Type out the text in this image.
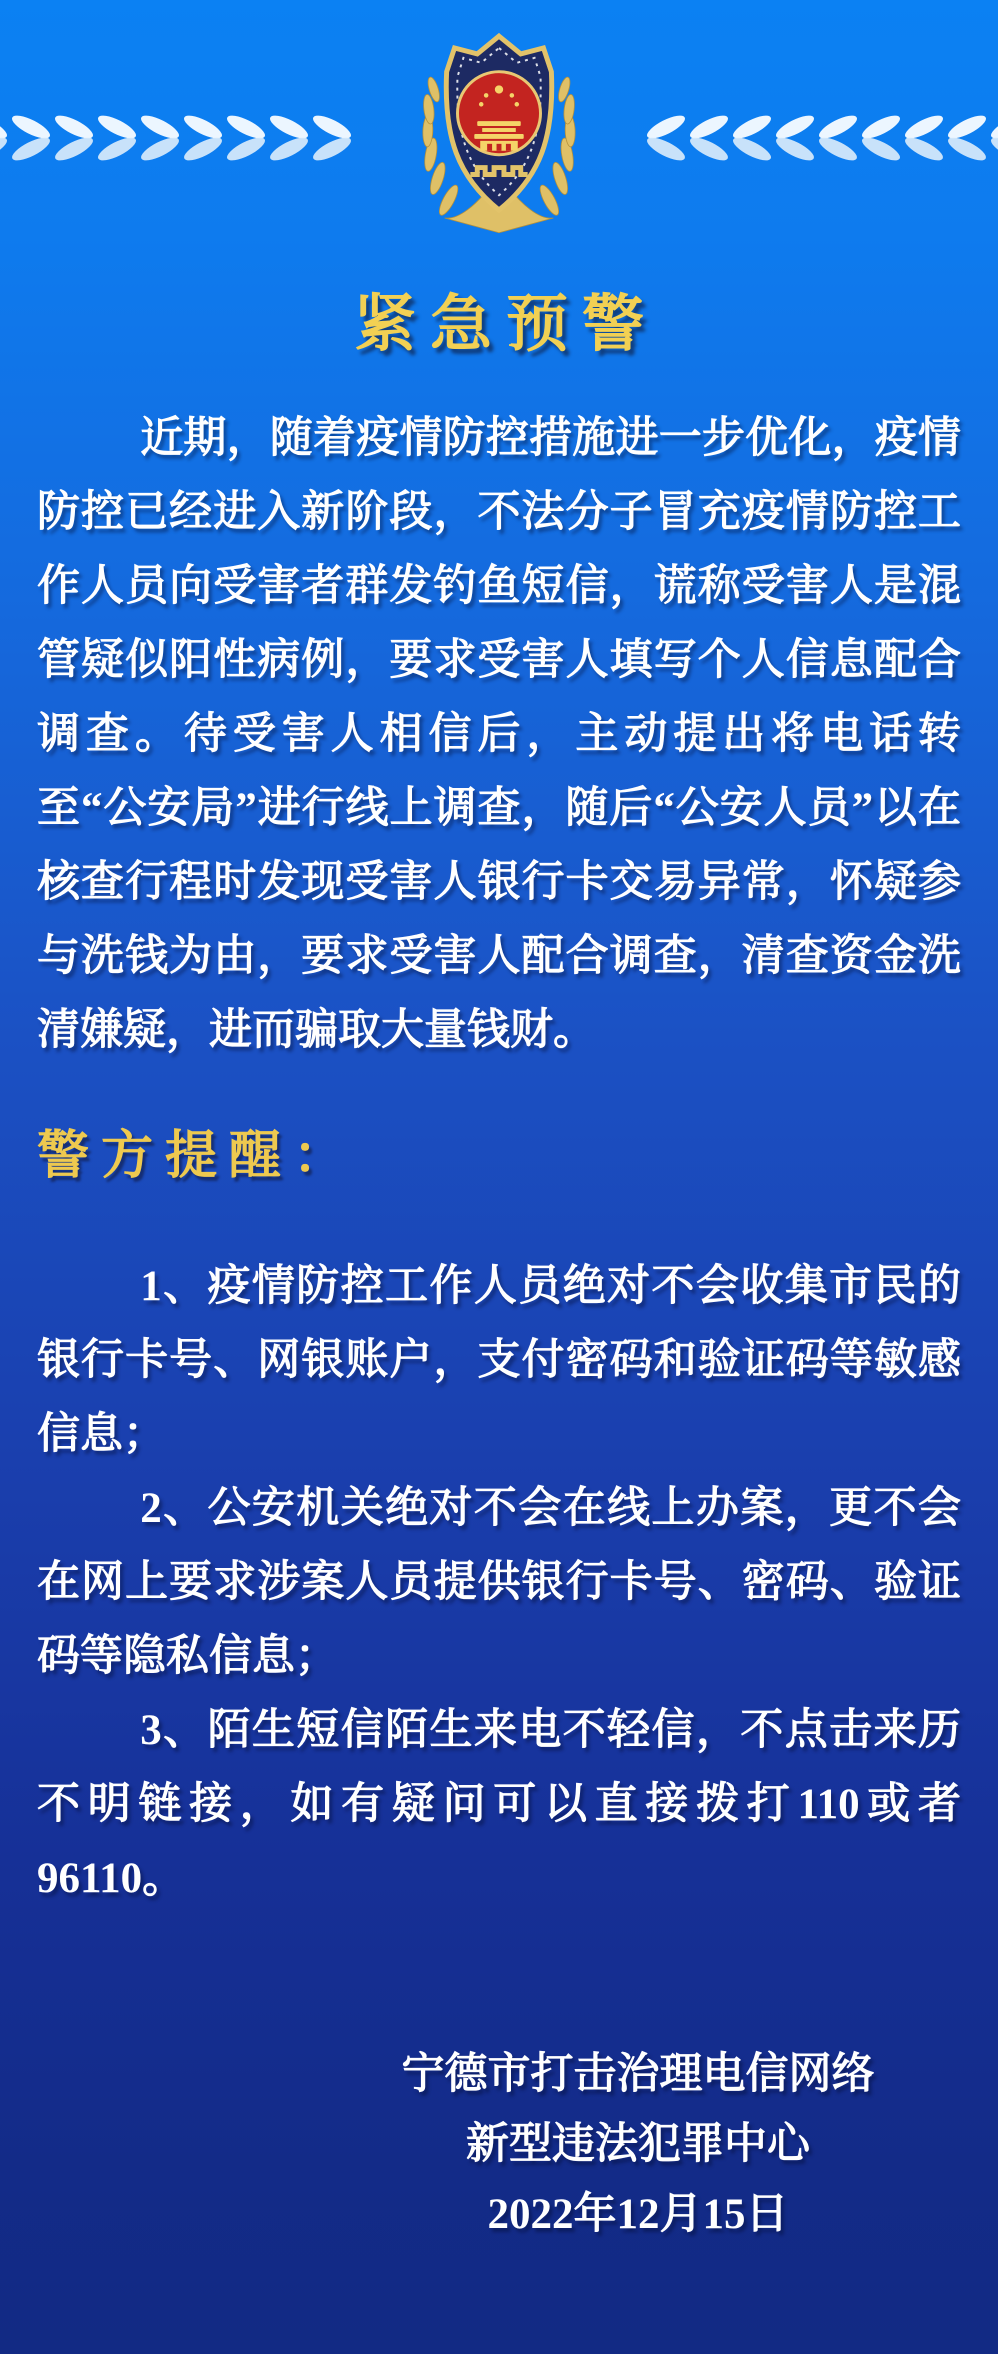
紧急预警

近期，随着疫情防控措施进一步优化，疫情防控已经进入新阶段，不法分子冒充疫情防控工作人员向受害者群发钓鱼短信，谎称受害人是混管疑似阳性病例，要求受害人填写个人信息配合调查。待受害人相信后，主动提出将电话转至“公安局”进行线上调查，随后“公安人员”以在核查行程时发现受害人银行卡交易异常，怀疑参与洗钱为由，要求受害人配合调查，清查资金洗清嫌疑，进而骗取大量钱财。

警方提醒：

1、疫情防控工作人员绝对不会收集市民的银行卡号、网银账户，支付密码和验证码等敏感信息；

2、公安机关绝对不会在线上办案，更不会在网上要求涉案人员提供银行卡号、密码、验证码等隐私信息；

3、陌生短信陌生来电不轻信，不点击来历不明链接，如有疑问可以直接拨打110或者96110。

宁德市打击治理电信网络
新型违法犯罪中心
2022年12月15日
